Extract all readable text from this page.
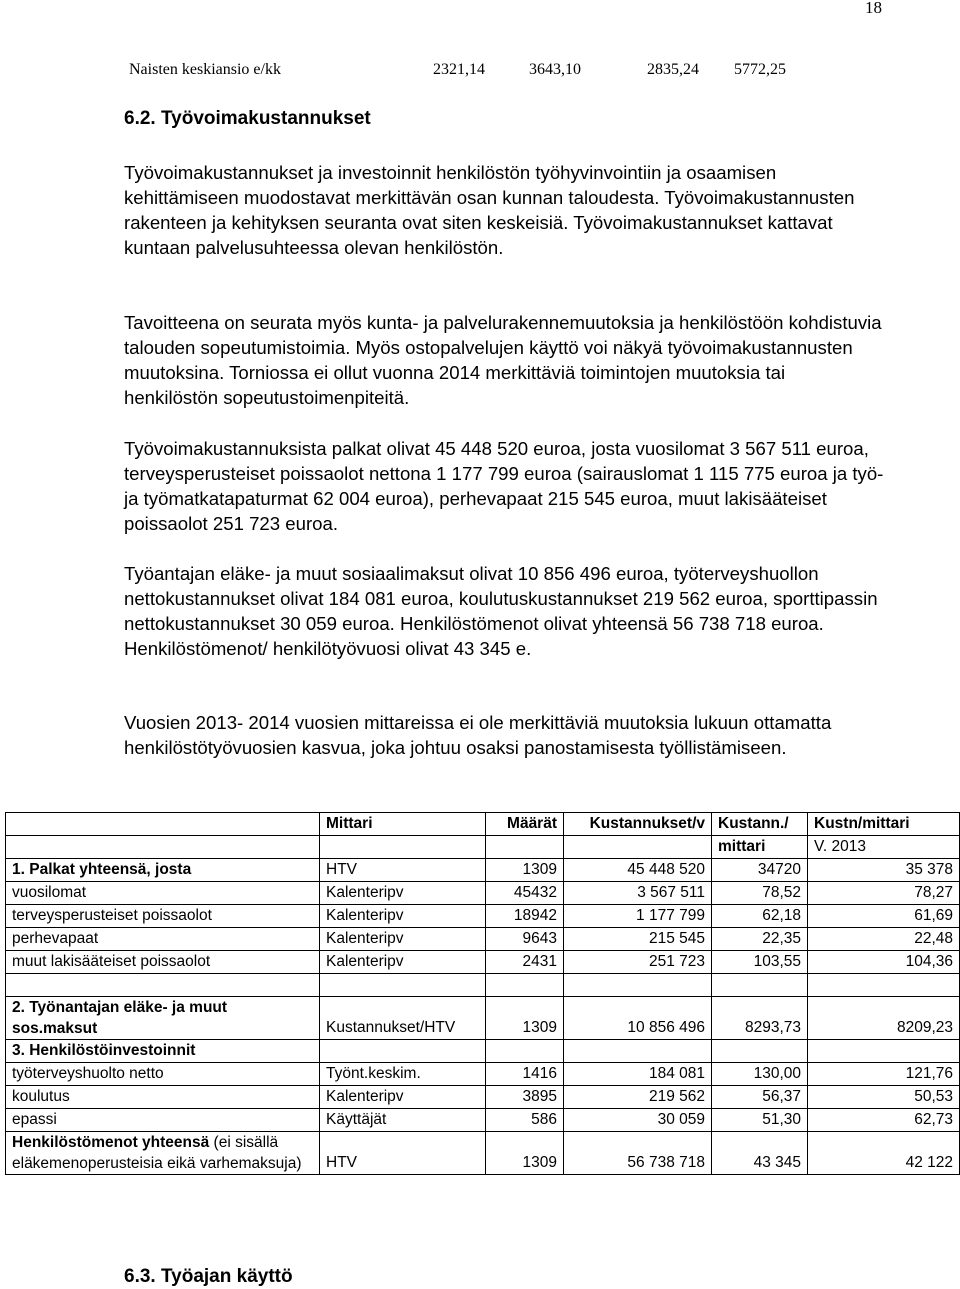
18
Naisten keskiansio e/kk	2321,14	3643,10	2835,24 5772,25
6.2. Työvoimakustannukset

Työvoimakustannukset ja investoinnit henkilöstön työhyvinvointiin ja osaamisen kehittämiseen muodostavat merkittävän osan kunnan taloudesta. Työvoimakustannusten rakenteen ja kehityksen seuranta ovat siten keskeisiä. Työvoimakustannukset kattavat kuntaan palvelusuhteessa olevan henkilöstön.

Tavoitteena on seurata myös kunta- ja palvelurakennemuutoksia ja henkilöstöön kohdistuvia talouden sopeutumistoimia. Myös ostopalvelujen käyttö voi näkyä työvoimakustannusten muutoksina. Torniossa ei ollut vuonna 2014 merkittäviä toimintojen muutoksia tai henkilöstön sopeutustoimenpiteitä.

Työvoimakustannuksista palkat olivat 45 448 520 euroa, josta vuosilomat 3 567 511 euroa, terveysperusteiset poissaolot nettona 1 177 799 euroa (sairauslomat 1 115 775 euroa ja työ- ja työmatkatapaturmat 62 004 euroa), perhevapaat 215 545 euroa, muut lakisääteiset poissaolot 251 723 euroa.

Työantajan eläke- ja muut sosiaalimaksut olivat 10 856 496 euroa, työterveyshuollon nettokustannukset olivat 184 081 euroa, koulutuskustannukset 219 562 euroa, sporttipassin nettokustannukset 30 059 euroa. Henkilöstömenot olivat yhteensä 56 738 718 euroa. Henkilöstömenot/ henkilötyövuosi olivat 43 345 e.

Vuosien 2013- 2014 vuosien mittareissa ei ole merkittäviä muutoksia lukuun ottamatta henkilöstötyövuosien kasvua, joka johtuu osaksi panostamisesta työllistämiseen.

	Mittari	Määrät	Kustannukset/v	Kustann./	Kustn/mittari
				mittari	V. 2013
1. Palkat yhteensä, josta	HTV	1309	45 448 520	34720	35 378
vuosilomat	Kalenteripv	45432	3 567 511	78,52	78,27
terveysperusteiset poissaolot	Kalenteripv	18942	1 177 799	62,18	61,69
perhevapaat	Kalenteripv	9643	215 545	22,35	22,48
muut lakisääteiset poissaolot	Kalenteripv	2431	251 723	103,55	104,36

2. Työnantajan eläke- ja muut sos.maksut	Kustannukset/HTV	1309	10 856 496	8293,73	8209,23
3. Henkilöstöinvestoinnit					
työterveyshuolto netto	Työnt.keskim.	1416	184 081	130,00	121,76
koulutus	Kalenteripv	3895	219 562	56,37	50,53
epassi	Käyttäjät	586	30 059	51,30	62,73
Henkilöstömenot yhteensä (ei sisällä eläkemenoperusteisia eikä varhemaksuja)	HTV	1309	56 738 718	43 345	42 122
6.3. Työajan käyttö
